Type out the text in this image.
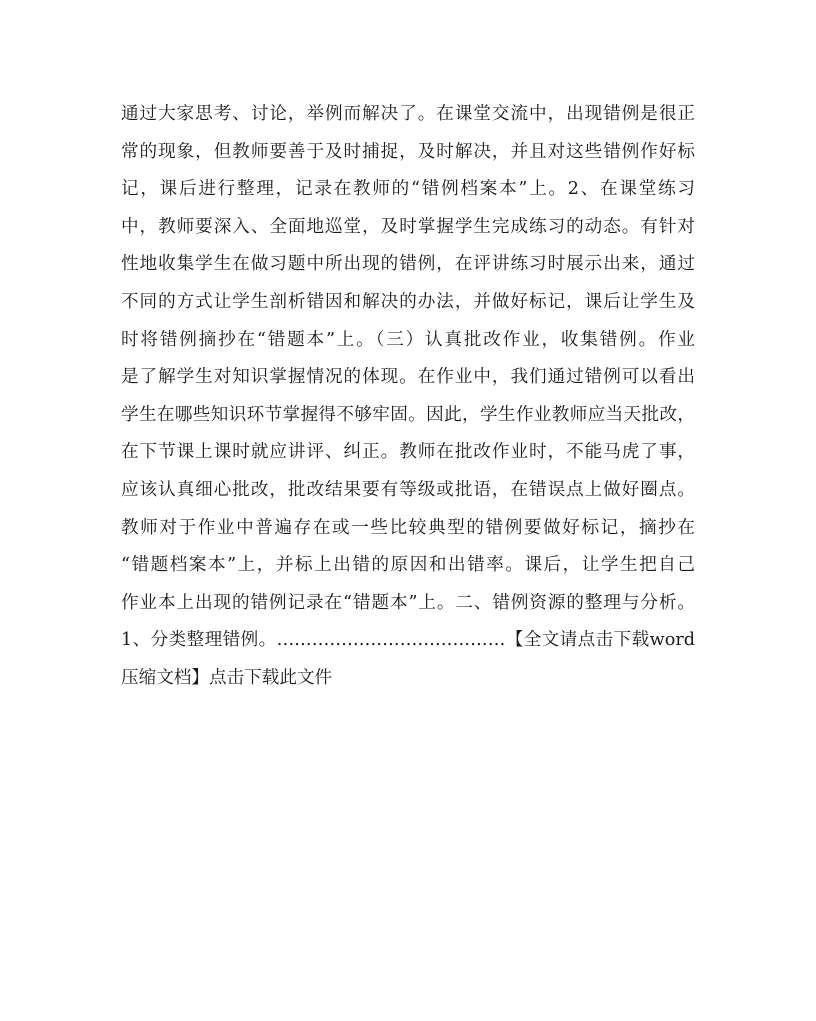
通过大家思考、讨论，举例而解决了。在课堂交流中，出现错例是很正
常的现象，但教师要善于及时捕捉，及时解决，并且对这些错例作好标
记，课后进行整理，记录在教师的“错例档案本”上。2、在课堂练习
中，教师要深入、全面地巡堂，及时掌握学生完成练习的动态。有针对
性地收集学生在做习题中所出现的错例，在评讲练习时展示出来，通过
不同的方式让学生剖析错因和解决的办法，并做好标记，课后让学生及
时将错例摘抄在“错题本”上。（三）认真批改作业，收集错例。作业
是了解学生对知识掌握情况的体现。在作业中，我们通过错例可以看出
学生在哪些知识环节掌握得不够牢固。因此，学生作业教师应当天批改，
在下节课上课时就应讲评、纠正。教师在批改作业时，不能马虎了事，
应该认真细心批改，批改结果要有等级或批语，在错误点上做好圈点。
教师对于作业中普遍存在或一些比较典型的错例要做好标记，摘抄在
“错题档案本”上，并标上出错的原因和出错率。课后，让学生把自己
作业本上出现的错例记录在“错题本”上。二、错例资源的整理与分析。
1、分类整理错例。…………………………………【全文请点击下载word
压缩文档】点击下载此文件
